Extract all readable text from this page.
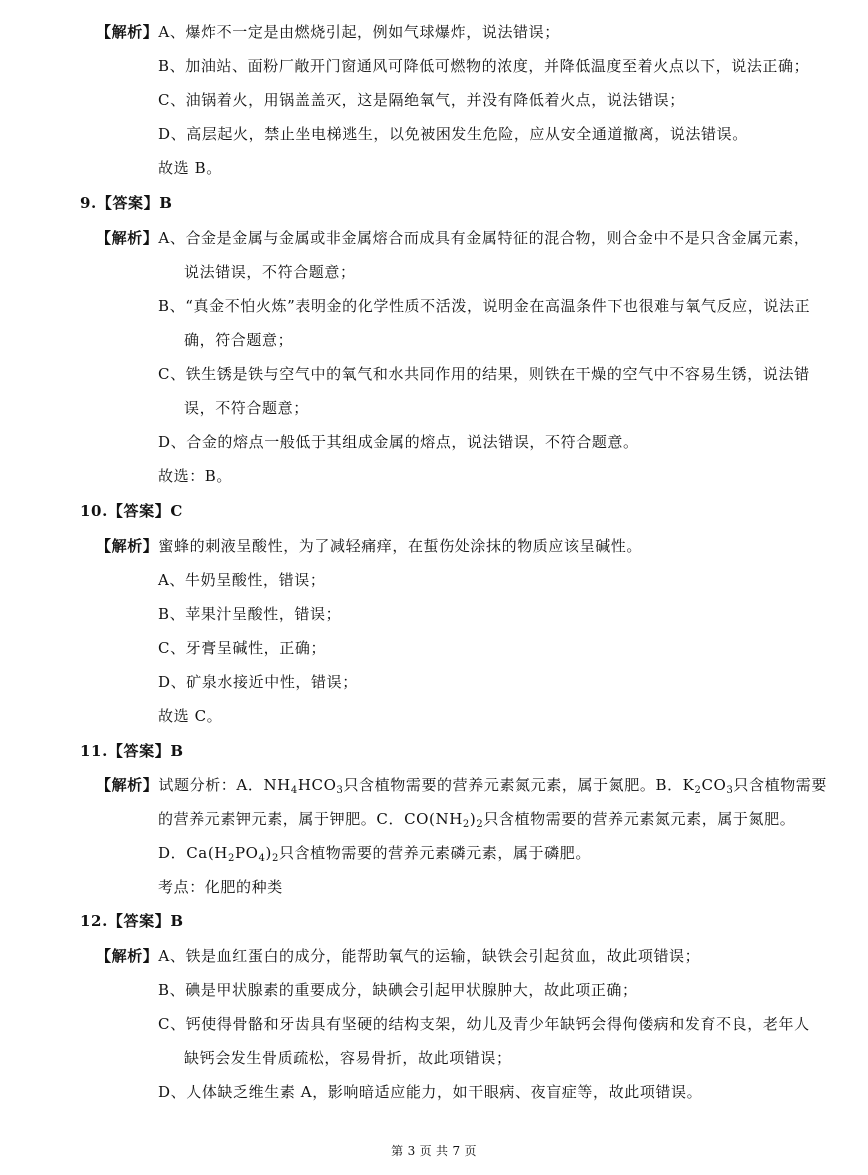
【解析】A、爆炸不一定是由燃烧引起，例如气球爆炸，说法错误；
B、加油站、面粉厂敞开门窗通风可降低可燃物的浓度，并降低温度至着火点以下，说法正确；
C、油锅着火，用锅盖盖灭，这是隔绝氧气，并没有降低着火点，说法错误；
D、高层起火，禁止坐电梯逃生，以免被困发生危险，应从安全通道撤离，说法错误。
故选 B。
9.【答案】B
【解析】A、合金是金属与金属或非金属熔合而成具有金属特征的混合物，则合金中不是只含金属元素，
说法错误，不符合题意；
B、“真金不怕火炼”表明金的化学性质不活泼，说明金在高温条件下也很难与氧气反应，说法正
确，符合题意；
C、铁生锈是铁与空气中的氧气和水共同作用的结果，则铁在干燥的空气中不容易生锈，说法错
误，不符合题意；
D、合金的熔点一般低于其组成金属的熔点，说法错误，不符合题意。
故选：B。
10.【答案】C
【解析】蜜蜂的刺液呈酸性，为了减轻痛痒，在蜇伤处涂抹的物质应该呈碱性。
A、牛奶呈酸性，错误；
B、苹果汁呈酸性，错误；
C、牙膏呈碱性，正确；
D、矿泉水接近中性，错误；
故选 C。
11.【答案】B
【解析】试题分析：A．$NH_4HCO_3$只含植物需要的营养元素氮元素，属于氮肥。B．$K_2CO_3$只含植物需要
的营养元素钾元素，属于钾肥。C．$CO(NH_2)_2$只含植物需要的营养元素氮元素，属于氮肥。
D．$Ca(H_2PO_4)_2$只含植物需要的营养元素磷元素，属于磷肥。
考点：化肥的种类
12.【答案】B
【解析】A、铁是血红蛋白的成分，能帮助氧气的运输，缺铁会引起贫血，故此项错误；
B、碘是甲状腺素的重要成分，缺碘会引起甲状腺肿大，故此项正确；
C、钙使得骨骼和牙齿具有坚硬的结构支架，幼儿及青少年缺钙会得佝偻病和发育不良，老年人
缺钙会发生骨质疏松，容易骨折，故此项错误；
D、人体缺乏维生素 A，影响暗适应能力，如干眼病、夜盲症等，故此项错误。
第 3 页 共 7 页
